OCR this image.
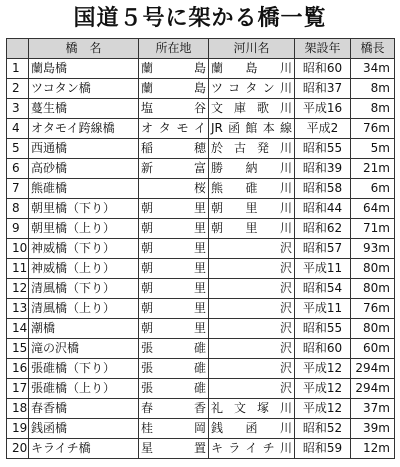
国道５号に架かる橋一覧
	橋　名	所在地	河川名	架設年	橋長
1	蘭島橋	蘭　　島	蘭　島　川	昭和60	34m
2	ツコタン橋	蘭　　島	ツコタン川	昭和37	8m
3	蔓生橋	塩　　谷	文 庫 歌 川	平成16	8m
4	オタモイ跨線橋	オタモイ	JR函館本線	平成2	76m
5	西通橋	稲　　穂	於 古 発 川	昭和55	5m
6	高砂橋	新　　富	勝　納　川	昭和39	21m
7	熊碓橋	　　桜	熊　碓　川	昭和58	6m
8	朝里橋（下り）	朝　　里	朝　里　川	昭和44	64m
9	朝里橋（上り）	朝　　里	朝　里　川	昭和62	71m
10	神威橋（下り）	朝　　里	　　沢	昭和57	93m
11	神威橋（上り）	朝　　里	　　沢	平成11	80m
12	清風橋（下り）	朝　　里	　　沢	昭和54	80m
13	清風橋（上り）	朝　　里	　　沢	平成11	76m
14	潮橋	朝　　里	　　沢	昭和55	80m
15	滝の沢橋	張　　碓	　　沢	昭和60	60m
16	張碓橋（下り）	張　　碓	　　沢	平成12	294m
17	張碓橋（上り）	張　　碓	　　沢	平成12	294m
18	春香橋	春　　香	礼 文 塚 川	平成12	37m
19	銭函橋	桂　　岡	銭　函　川	昭和52	39m
20	キライチ橋	星　　置	キライチ川	昭和59	12m
